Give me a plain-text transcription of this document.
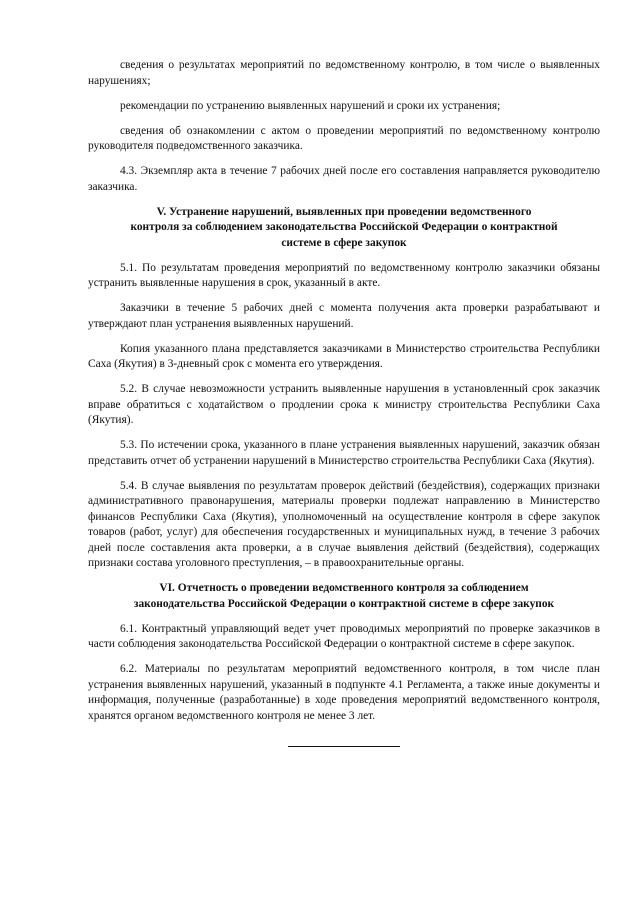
сведения о результатах мероприятий по ведомственному контролю, в том числе о выявленных нарушениях;

рекомендации по устранению выявленных нарушений и сроки их устранения;

сведения об ознакомлении с актом о проведении мероприятий по ведомственному контролю руководителя подведомственного заказчика.

4.3. Экземпляр акта в течение 7 рабочих дней после его составления направляется руководителю заказчика.

V. Устранение нарушений, выявленных при проведении ведомственного
контроля за соблюдением законодательства Российской Федерации о контрактной
системе в сфере закупок

5.1. По результатам проведения мероприятий по ведомственному контролю заказчики обязаны устранить выявленные нарушения в срок, указанный в акте.

Заказчики в течение 5 рабочих дней с момента получения акта проверки разрабатывают и утверждают план устранения выявленных нарушений.

Копия указанного плана представляется заказчиками в Министерство строительства Республики Саха (Якутия) в 3-дневный срок с момента его утверждения.

5.2. В случае невозможности устранить выявленные нарушения в установленный срок заказчик вправе обратиться с ходатайством о продлении срока к министру строительства Республики Саха (Якутия).

5.3. По истечении срока, указанного в плане устранения выявленных нарушений, заказчик обязан представить отчет об устранении нарушений в Министерство строительства Республики Саха (Якутия).

5.4. В случае выявления по результатам проверок действий (бездействия), содержащих признаки административного правонарушения, материалы проверки подлежат направлению в Министерство финансов Республики Саха (Якутия), уполномоченный на осуществление контроля в сфере закупок товаров (работ, услуг) для обеспечения государственных и муниципальных нужд, в течение 3 рабочих дней после составления акта проверки, а в случае выявления действий (бездействия), содержащих признаки состава уголовного преступления, – в правоохранительные органы.

VI. Отчетность о проведении ведомственного контроля за соблюдением
законодательства Российской Федерации о контрактной системе в сфере закупок

6.1. Контрактный управляющий ведет учет проводимых мероприятий по проверке заказчиков в части соблюдения законодательства Российской Федерации о контрактной системе в сфере закупок.

6.2. Материалы по результатам мероприятий ведомственного контроля, в том числе план устранения выявленных нарушений, указанный в подпункте 4.1 Регламента, а также иные документы и информация, полученные (разработанные) в ходе проведения мероприятий ведомственного контроля, хранятся органом ведомственного контроля не менее 3 лет.
